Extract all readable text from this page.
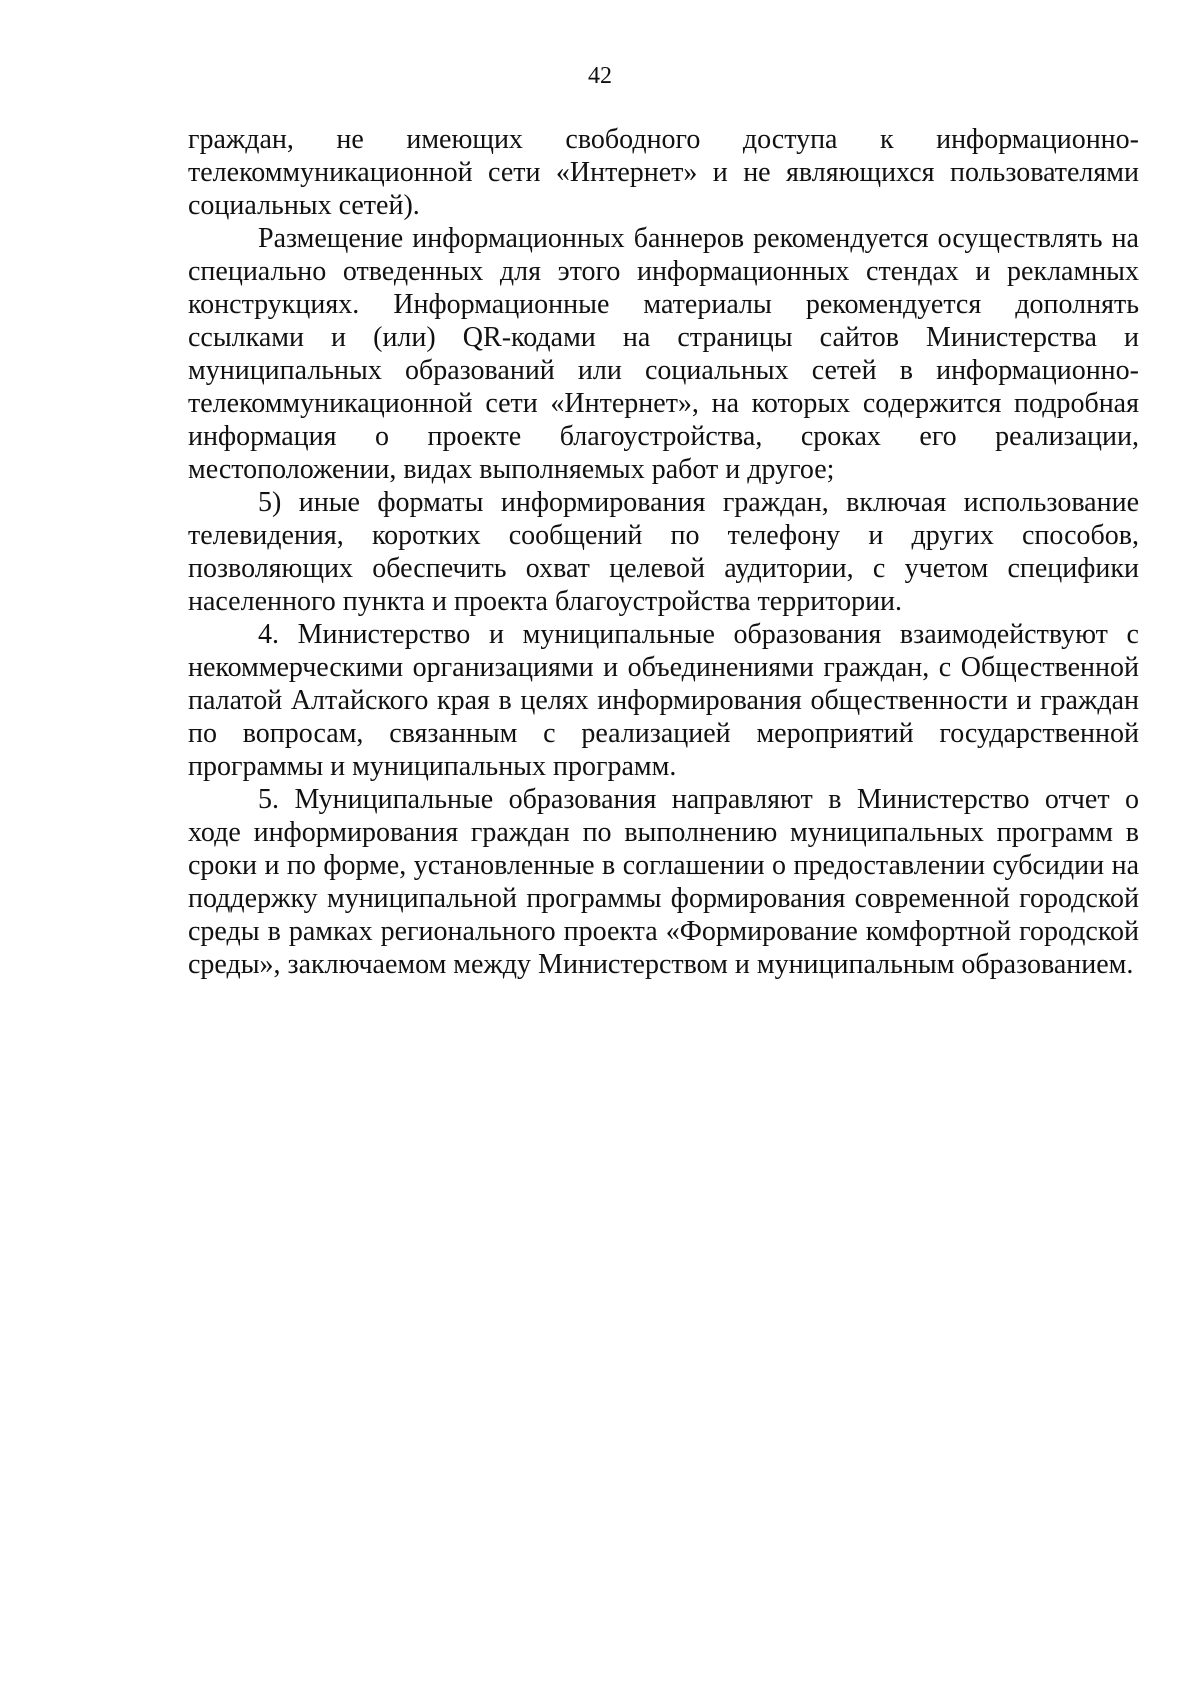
42

граждан, не имеющих свободного доступа к информационно-телекоммуникационной сети «Интернет» и не являющихся пользователями социальных сетей).

Размещение информационных баннеров рекомендуется осуществлять на специально отведенных для этого информационных стендах и рекламных конструкциях. Информационные материалы рекомендуется дополнять ссылками и (или) QR-кодами на страницы сайтов Министерства и муниципальных образований или социальных сетей в информационно-телекоммуникационной сети «Интернет», на которых содержится подробная информация о проекте благоустройства, сроках его реализации, местоположении, видах выполняемых работ и другое;

5) иные форматы информирования граждан, включая использование телевидения, коротких сообщений по телефону и других способов, позволяющих обеспечить охват целевой аудитории, с учетом специфики населенного пункта и проекта благоустройства территории.

4. Министерство и муниципальные образования взаимодействуют с некоммерческими организациями и объединениями граждан, с Общественной палатой Алтайского края в целях информирования общественности и граждан по вопросам, связанным с реализацией мероприятий государственной программы и муниципальных программ.

5. Муниципальные образования направляют в Министерство отчет о ходе информирования граждан по выполнению муниципальных программ в сроки и по форме, установленные в соглашении о предоставлении субсидии на поддержку муниципальной программы формирования современной городской среды в рамках регионального проекта «Формирование комфортной городской среды», заключаемом между Министерством и муниципальным образованием.
